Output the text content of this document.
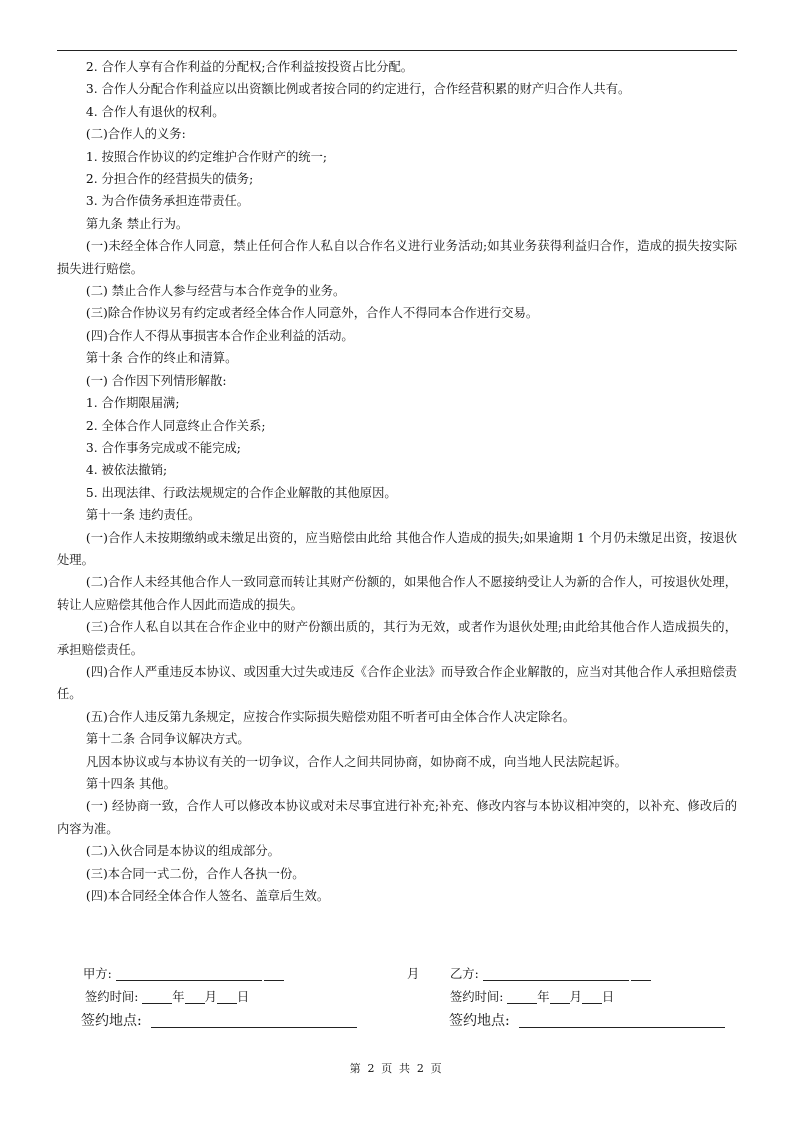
2. 合作人享有合作利益的分配权;合作利益按投资占比分配。

3. 合作人分配合作利益应以出资额比例或者按合同的约定进行，合作经营积累的财产归合作人共有。

4. 合作人有退伙的权利。

(二)合作人的义务:

1. 按照合作协议的约定维护合作财产的统一;

2. 分担合作的经营损失的债务;

3. 为合作债务承担连带责任。

第九条 禁止行为。

(一)未经全体合作人同意，禁止任何合作人私自以合作名义进行业务活动;如其业务获得利益归合作，造成的损失按实际损失进行赔偿。

(二) 禁止合作人参与经营与本合作竞争的业务。

(三)除合作协议另有约定或者经全体合作人同意外，合作人不得同本合作进行交易。

(四)合作人不得从事损害本合作企业利益的活动。

第十条 合作的终止和清算。

(一) 合作因下列情形解散:

1. 合作期限届满;

2. 全体合作人同意终止合作关系;

3. 合作事务完成或不能完成;

4. 被依法撤销;

5. 出现法律、行政法规规定的合作企业解散的其他原因。

第十一条 违约责任。

(一)合作人未按期缴纳或未缴足出资的，应当赔偿由此给 其他合作人造成的损失;如果逾期 1 个月仍未缴足出资，按退伙处理。

(二)合作人未经其他合作人一致同意而转让其财产份额的，如果他合作人不愿接纳受让人为新的合作人，可按退伙处理，转让人应赔偿其他合作人因此而造成的损失。

(三)合作人私自以其在合作企业中的财产份额出质的，其行为无效，或者作为退伙处理;由此给其他合作人造成损失的，承担赔偿责任。

(四)合作人严重违反本协议、或因重大过失或违反《合作企业法》而导致合作企业解散的，应当对其他合作人承担赔偿责任。

(五)合作人违反第九条规定，应按合作实际损失赔偿劝阻不听者可由全体合作人决定除名。

第十二条 合同争议解决方式。

凡因本协议或与本协议有关的一切争议，合作人之间共同协商，如协商不成，向当地人民法院起诉。

第十四条 其他。

(一) 经协商一致，合作人可以修改本协议或对未尽事宜进行补充;补充、修改内容与本协议相冲突的，以补充、修改后的内容为准。

(二)入伙合同是本协议的组成部分。

(三)本合同一式二份，合作人各执一份。

(四)本合同经全体合作人签名、盖章后生效。

甲方:	月 乙方:
签约时间:	年 月 日	签约时间:	年 月 日
签约地点:	签约地点:
第 2 页 共 2 页
